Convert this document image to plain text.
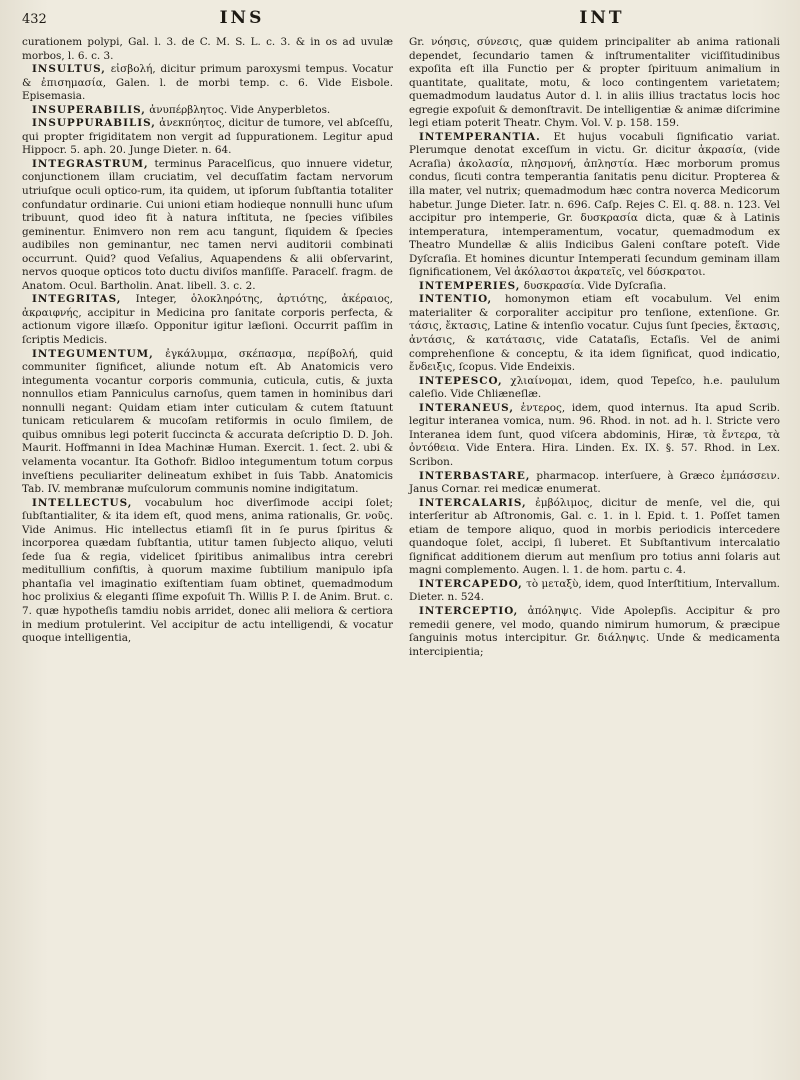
432	INS	INT

curationem polypi, Gal. l. 3. de C. M. S. L. c. 3. & in os ad uvulæ morbos, l. 6. c. 3.

INSULTUS, εἰσβολή, dicitur primum paroxysmi tempus. Vocatur & ἐπισημασία, Galen. l. de morbi temp. c. 6. Vide Eisbole. Episemasia.

INSUPERABILIS, ἀνυπέρβλητος. Vide Anyperbletos.

INSUPPURABILIS, ἀνεκπύητος, dicitur de tumore, vel abſceſſu, qui propter frigiditatem non vergit ad ſuppurationem. Legitur apud Hippocr. 5. aph. 20. Junge Dieter. n. 64.

INTEGRASTRUM, terminus Paracelſicus, quo innuere videtur, conjunctionem illam cruciatim, vel decuſſatim factam nervorum utriuſque oculi optico-rum, ita quidem, ut ipſorum ſubſtantia totaliter confundatur ordinarie. Cui unioni etiam hodieque nonnulli hunc uſum tribuunt, quod ideo fit à natura inſtituta, ne ſpecies viſibiles geminentur. Enimvero non rem acu tangunt, ſiquidem & ſpecies audibiles non geminantur, nec tamen nervi auditorii combinati occurrunt. Quid? quod Veſalius, Aquapendens & alii obſervarint, nervos quoque opticos toto ductu diviſos manſiſſe. Paracelſ. fragm. de Anatom. Ocul. Bartholin. Anat. libell. 3. c. 2.

INTEGRITAS, Integer, ὁλοκληρότης, ἀρτιότης, ἀκέραιος, ἀκραιφνής, accipitur in Medicina pro ſanitate corporis perfecta, & actionum vigore illæſo. Opponitur igitur læſioni. Occurrit paſſim in ſcriptis Medicis.

INTEGUMENTUM, ἐγκάλυμμα, σκέπασμα, περίβολή, quid communiter ſignificet, aliunde notum eſt. Ab Anatomicis vero integumenta vocantur corporis communia, cuticula, cutis, & juxta nonnullos etiam Panniculus carnoſus, quem tamen in hominibus dari nonnulli negant: Quidam etiam inter cuticulam & cutem ſtatuunt tunicam reticularem & mucoſam retiformis in oculo ſimilem, de quibus omnibus legi poterit ſuccincta & accurata deſcriptio D. D. Joh. Maurit. Hoffmanni in Idea Machinæ Human. Exercit. 1. ſect. 2. ubi & velamenta vocantur. Ita Gothofr. Bidloo integumentum totum corpus inveſtiens peculiariter delineatum exhibet in ſuis Tabb. Anatomicis Tab. IV. membranæ muſculorum communis nomine indigitatum.

INTELLECTUS, vocabulum hoc diverſimode accipi ſolet; ſubſtantialiter, & ita idem eſt, quod mens, anima rationalis, Gr. νοῦς. Vide Animus. Hic intellectus etiamſi ſit in ſe purus ſpiritus & incorporea quædam ſubſtantia, utitur tamen ſubjecto aliquo, veluti ſede ſua & regia, videlicet ſpiritibus animalibus intra cerebri meditullium confiſtis, à quorum maxime ſubtilium manipulo ipſa phantaſia vel imaginatio exiſtentiam ſuam obtinet, quemadmodum hoc prolixius & eleganti ſſime expoſuit Th. Willis P. I. de Anim. Brut. c. 7. quæ hypotheſis tamdiu nobis arridet, donec alii meliora & certiora in medium protulerint. Vel accipitur de actu intelligendi, & vocatur quoque intelligentia,

Gr. νόησις, σύνεσις, quæ quidem principaliter ab anima rationali dependet, ſecundario tamen & inſtrumentaliter viciſſitudinibus expoſita eſt illa Functio per & propter ſpirituum animalium in quantitate, qualitate, motu, & loco contingentem varietatem; quemadmodum laudatus Autor d. l. in aliis illius tractatus locis hoc egregie expoſuit & demonſtravit. De intelligentiæ & animæ diſcrimine legi etiam poterit Theatr. Chym. Vol. V. p. 158. 159.

INTEMPERANTIA. Et hujus vocabuli ſignificatio variat. Plerumque denotat exceſſum in victu. Gr. dicitur ἀκρασία, (vide Acraſia) ἀκολασία, πλησμονή, ἀπληστία. Hæc morborum promus condus, ſicuti contra temperantia ſanitatis penu dicitur. Propterea & illa mater, vel nutrix; quemadmodum hæc contra noverca Medicorum habetur. Junge Dieter. Iatr. n. 696. Caſp. Rejes C. El. q. 88. n. 123. Vel accipitur pro intemperie, Gr. δυσκρασία dicta, quæ & à Latinis intemperatura, intemperamentum, vocatur, quemadmodum ex Theatro Mundellæ & aliis Indicibus Galeni conſtare poteſt. Vide Dyſcraſia. Et homines dicuntur Intemperati ſecundum geminam illam ſignificationem, Vel ἀκόλαστοι ἀκρατεῖς, vel δύσκρατοι.

INTEMPERIES, δυσκρασία. Vide Dyſcraſia.

INTENTIO, homonymon etiam eſt vocabulum. Vel enim materialiter & corporaliter accipitur pro tenſione, extenſione. Gr. τάσις, ἔκτασις, Latine & intenſio vocatur. Cujus ſunt ſpecies, ἔκτασις, ἀντάσις, & κατάτασις, vide Catataſis, Ectaſis. Vel de animi comprehenſione & conceptu, & ita idem ſignificat, quod indicatio, ἔνδειξις, ſcopus. Vide Endeixis.

INTEPESCO, χλιαίνομαι, idem, quod Tepeſco, h.e. paululum caleſio. Vide Chliæneſlæ.

INTERANEUS, ἐντερος, idem, quod internus. Ita apud Scrib. legitur interanea vomica, num. 96. Rhod. in not. ad h. l. Stricte vero Interanea idem ſunt, quod viſcera abdominis, Hiræ, τὰ ἔντερα, τὰ ὀντόθεια. Vide Entera. Hira. Linden. Ex. IX. §. 57. Rhod. in Lex. Scribon.

INTERBASTARE, pharmacop. interſuere, à Græco ἐμπάσσειν. Janus Cornar. rei medicæ enumerat.

INTERCALARIS, ἐμβόλιμος, dicitur de menſe, vel die, qui interſeritur ab Aſtronomis, Gal. c. 1. in l. Epid. t. 1. Poſſet tamen etiam de tempore aliquo, quod in morbis periodicis intercedere quandoque ſolet, accipi, ſi luberet. Et Subſtantivum intercalatio ſignificat additionem dierum aut menſium pro totius anni ſolaris aut magni complemento. Augen. l. 1. de hom. partu c. 4.

INTERCAPEDO, τὸ μεταξὺ, idem, quod Interſtitium, Intervallum. Dieter. n. 524.

INTERCEPTIO, ἀπόληψις. Vide Apolepſis. Accipitur & pro remedii genere, vel modo, quando nimirum humorum, & præcipue ſanguinis motus intercipitur. Gr. διάληψις. Unde & medicamenta intercipientia;
